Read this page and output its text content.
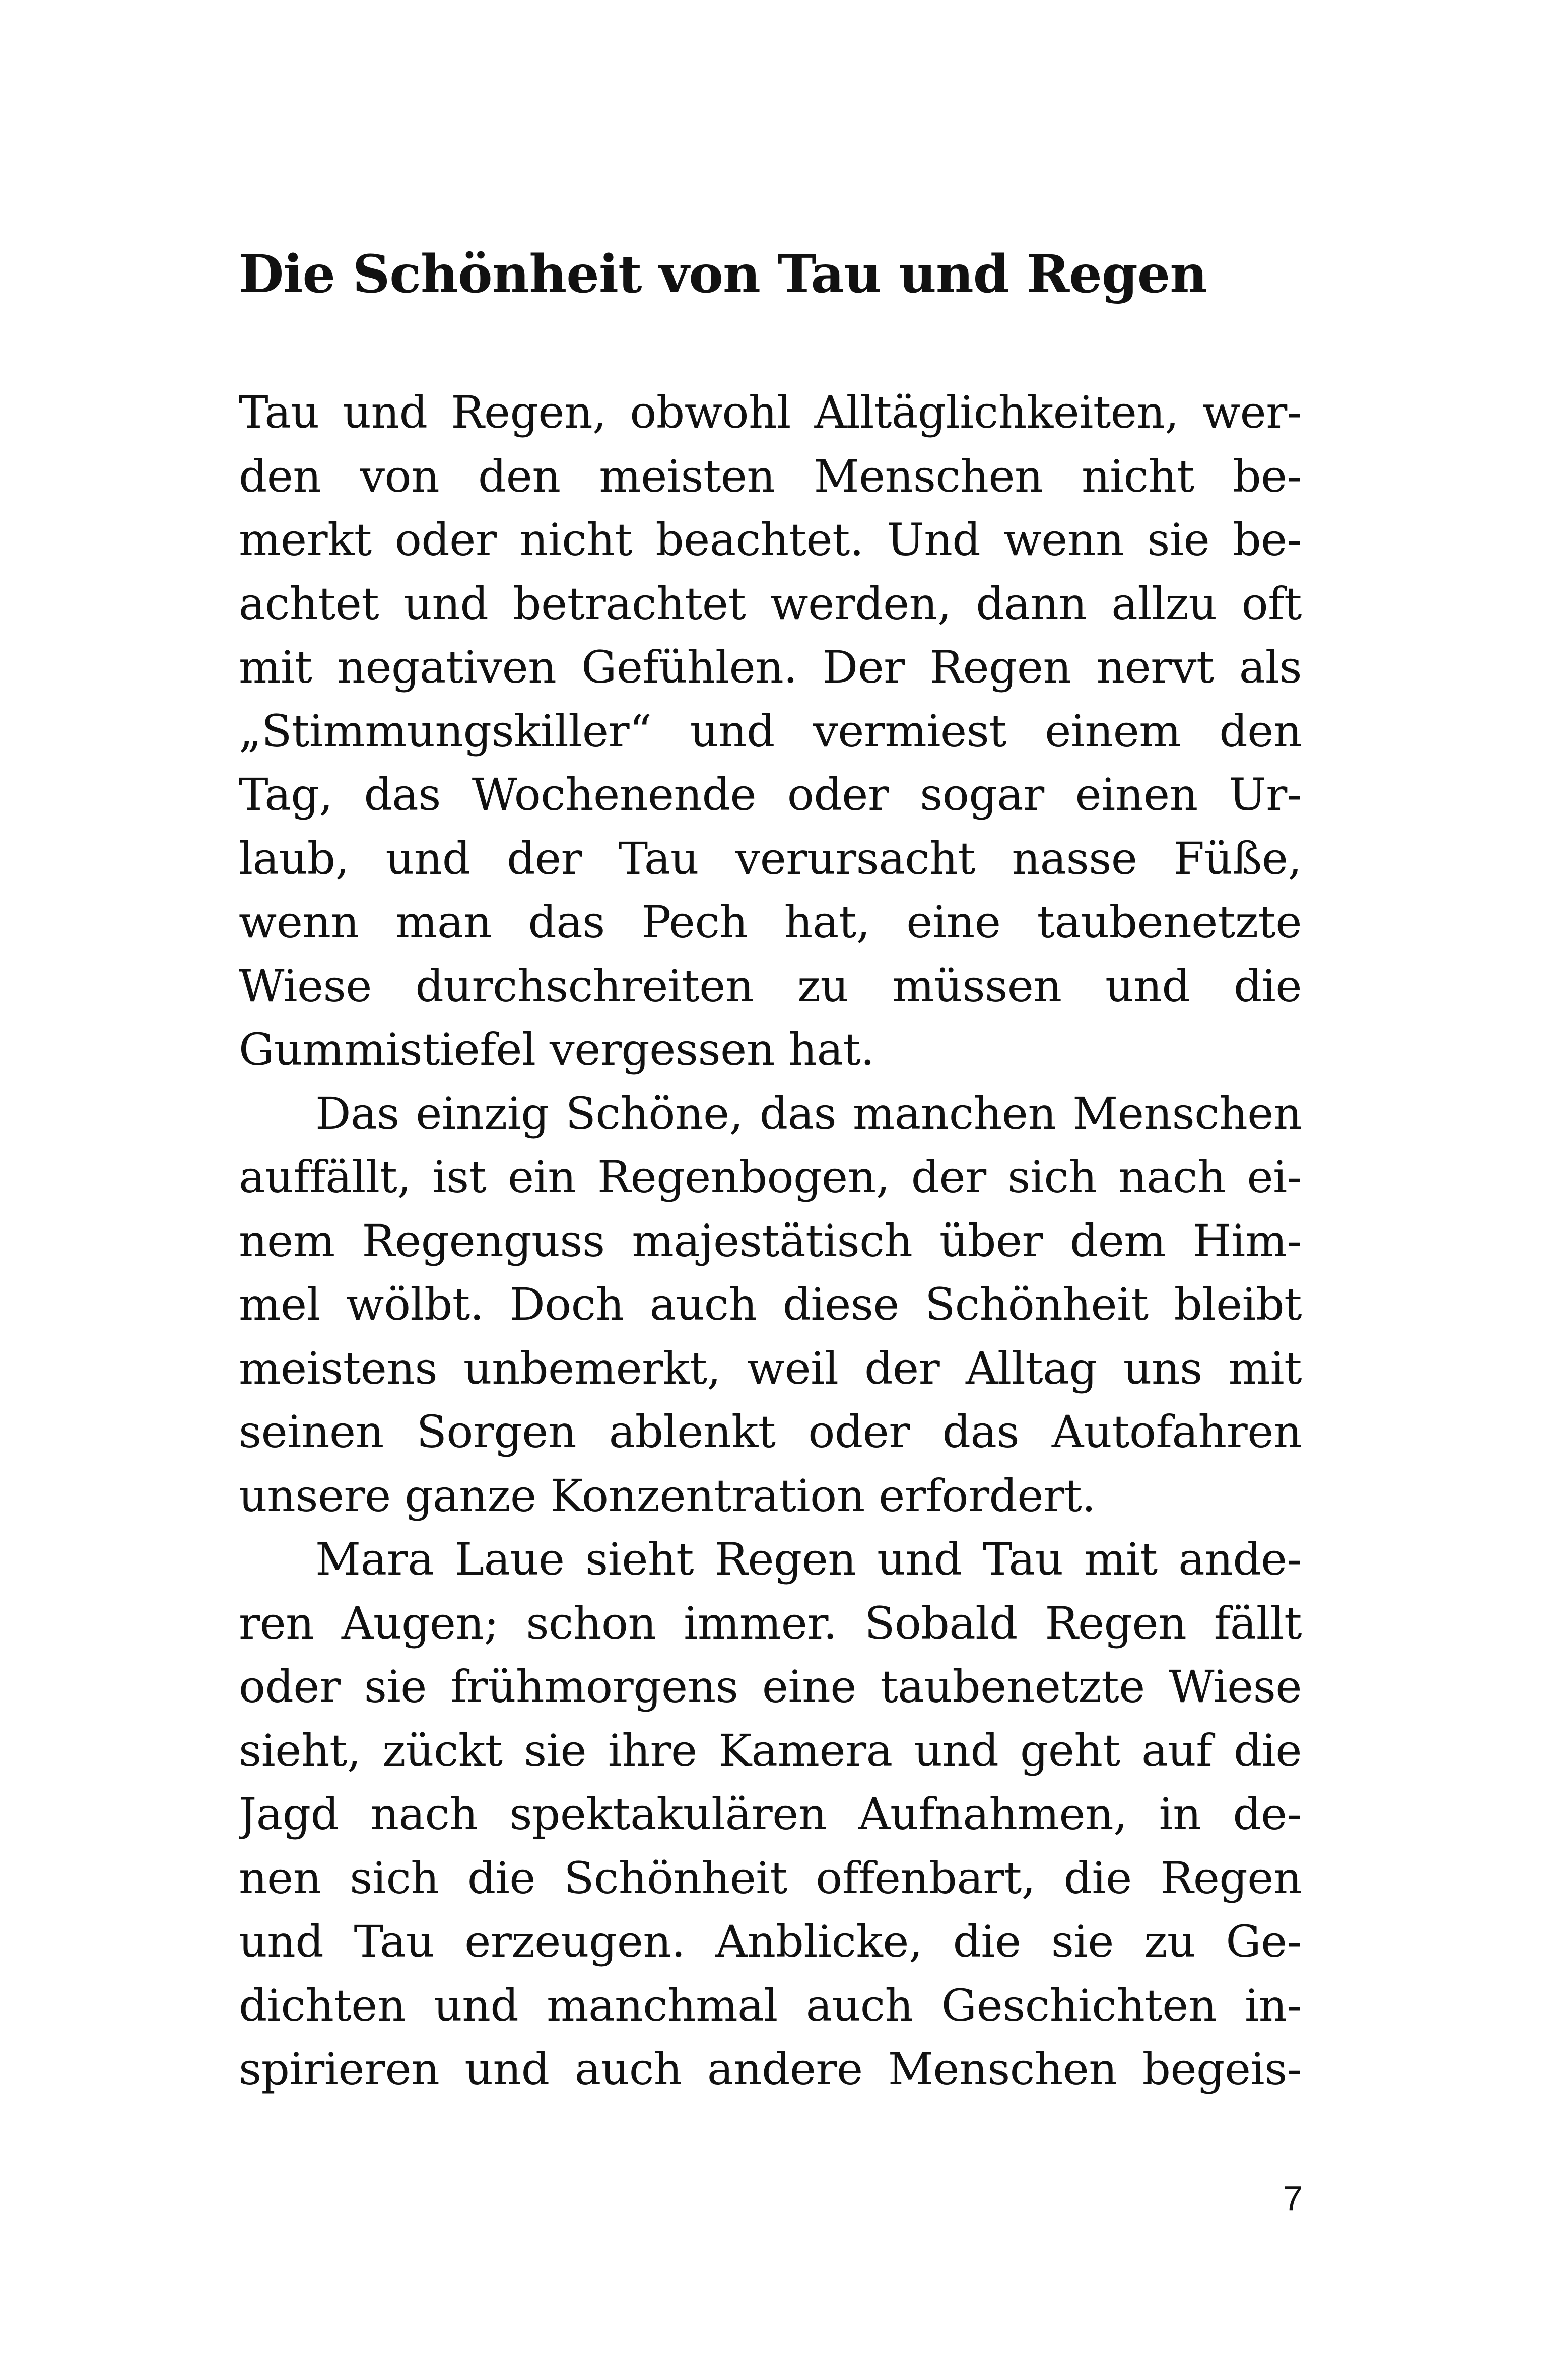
Die Schönheit von Tau und Regen
Tau und Regen, obwohl Alltäglichkeiten, wer-
den von den meisten Menschen nicht be-
merkt oder nicht beachtet. Und wenn sie be-
achtet und betrachtet werden, dann allzu oft
mit negativen Gefühlen. Der Regen nervt als
„Stimmungskiller“ und vermiest einem den
Tag, das Wochenende oder sogar einen Ur-
laub, und der Tau verursacht nasse Füße,
wenn man das Pech hat, eine taubenetzte
Wiese durchschreiten zu müssen und die
Gummistiefel vergessen hat.
Das einzig Schöne, das manchen Menschen
auffällt, ist ein Regenbogen, der sich nach ei-
nem Regenguss majestätisch über dem Him-
mel wölbt. Doch auch diese Schönheit bleibt
meistens unbemerkt, weil der Alltag uns mit
seinen Sorgen ablenkt oder das Autofahren
unsere ganze Konzentration erfordert.
Mara Laue sieht Regen und Tau mit ande-
ren Augen; schon immer. Sobald Regen fällt
oder sie frühmorgens eine taubenetzte Wiese
sieht, zückt sie ihre Kamera und geht auf die
Jagd nach spektakulären Aufnahmen, in de-
nen sich die Schönheit offenbart, die Regen
und Tau erzeugen. Anblicke, die sie zu Ge-
dichten und manchmal auch Geschichten in-
spirieren und auch andere Menschen begeis-
7
